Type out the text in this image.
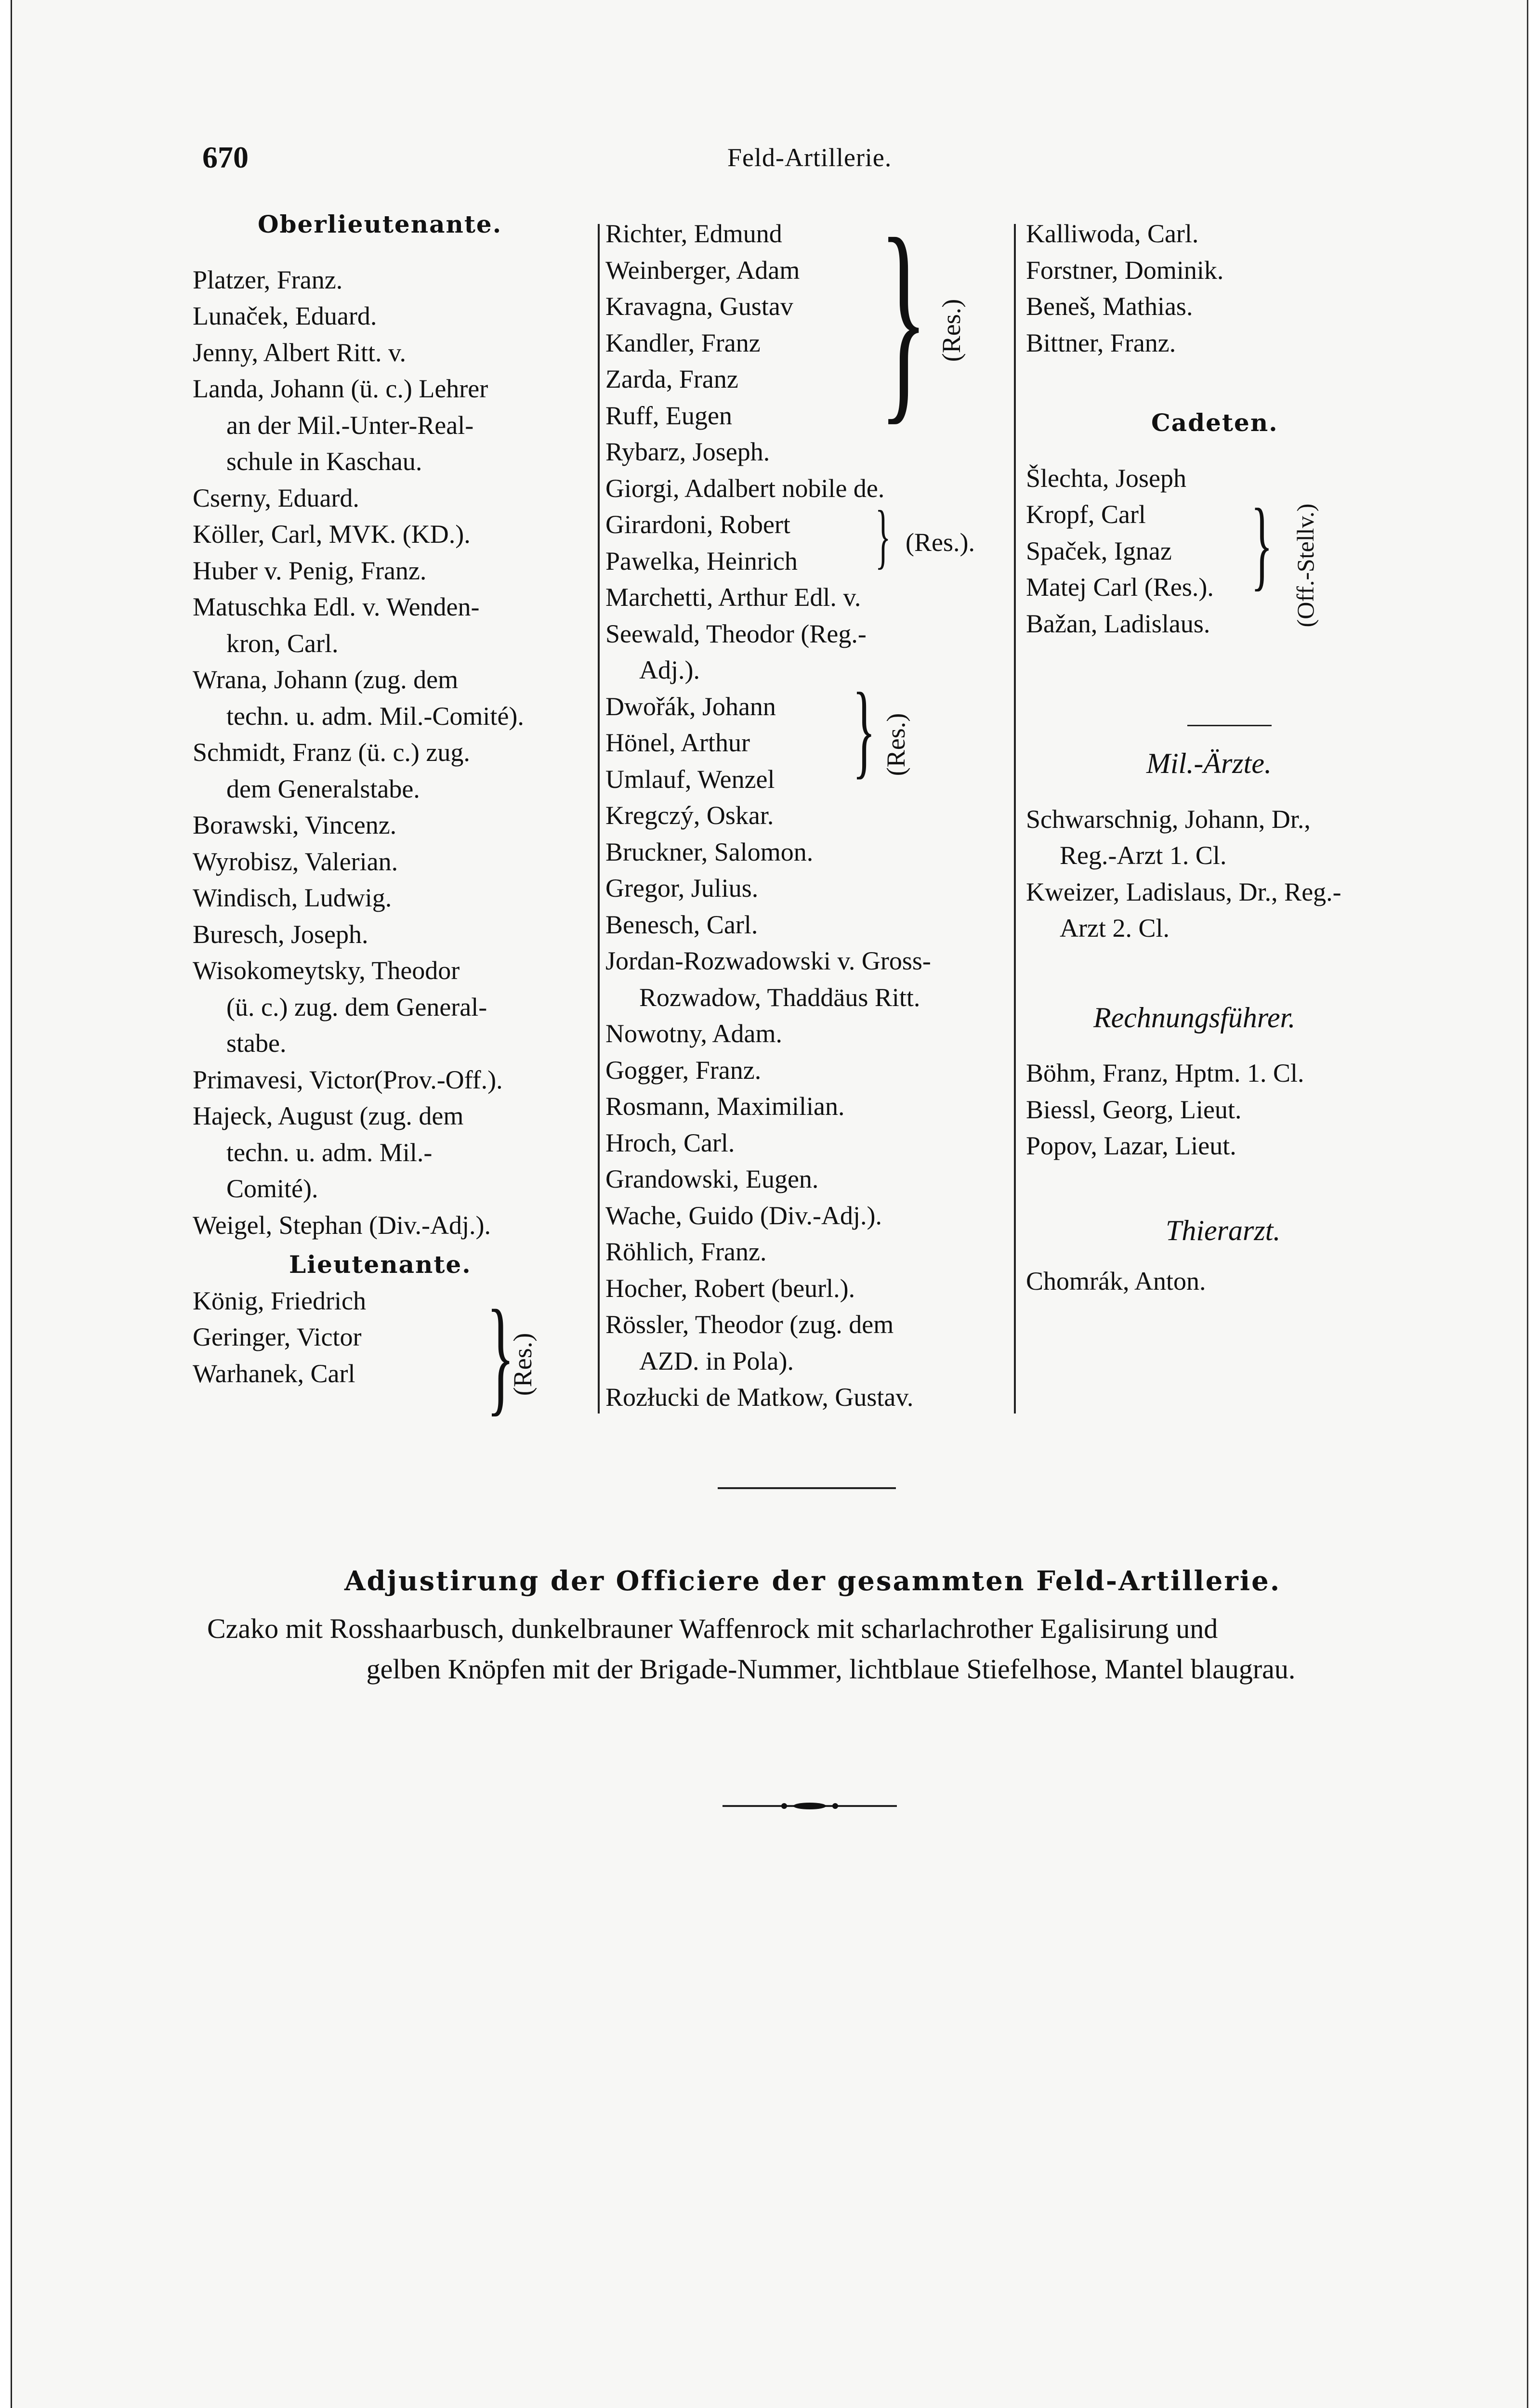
670	Feld-Artillerie.
Oberlieutenante.
Platzer, Franz.
Lunaček, Eduard.
Jenny, Albert Ritt. v.
Landa, Johann (ü. c.) Lehrer
an der Mil.-Unter-Real-
schule in Kaschau.
Cserny, Eduard.
Köller, Carl, MVK. (KD.).
Huber v. Penig, Franz.
Matuschka Edl. v. Wenden-
kron, Carl.
Wrana, Johann (zug. dem
techn. u. adm. Mil.-Comité).
Schmidt, Franz (ü. c.) zug.
dem Generalstabe.
Borawski, Vincenz.
Wyrobisz, Valerian.
Windisch, Ludwig.
Buresch, Joseph.
Wisokomeytsky, Theodor
(ü. c.) zug. dem General-
stabe.
Primavesi, Victor(Prov.-Off.).
Hajeck, August (zug. dem
techn. u. adm. Mil.-
Comité).
Weigel, Stephan (Div.-Adj.).
Lieutenante.
König, Friedrich
Geringer, Victor
Warhanek, Carl	}
(Res.)
Richter, Edmund
Weinberger, Adam
Kravagna, Gustav
Kandler, Franz
Zarda, Franz
Ruff, Eugen
Rybarz, Joseph.
Giorgi, Adalbert nobile de.
Girardoni, Robert
Pawelka, Heinrich
Marchetti, Arthur Edl. v.
Seewald, Theodor (Reg.-
Adj.).
Dwořák, Johann
Hönel, Arthur
Umlauf, Wenzel
Kregczý, Oskar.
Bruckner, Salomon.
Gregor, Julius.
Benesch, Carl.
Jordan-Rozwadowski v. Gross-
Rozwadow, Thaddäus Ritt.
Nowotny, Adam.
Gogger, Franz.
Rosmann, Maximilian.
Hroch, Carl.
Grandowski, Eugen.
Wache, Guido (Div.-Adj.).
Röhlich, Franz.
Hocher, Robert (beurl.).
Rössler, Theodor (zug. dem
AZD. in Pola).
Rozłucki de Matkow, Gustav.
} (Res.)
} (Res.).
} (Res.)
Kalliwoda, Carl.
Forstner, Dominik.
Beneš, Mathias.
Bittner, Franz.
Cadeten.
Šlechta, Joseph
Kropf, Carl
Spaček, Ignaz
Matej Carl (Res.).
Bažan, Ladislaus.
Mil.-Ärzte.
Schwarschnig, Johann, Dr.,
Reg.-Arzt 1. Cl.
Kweizer, Ladislaus, Dr., Reg.-
Arzt 2. Cl.
Rechnungsführer.
Böhm, Franz, Hptm. 1. Cl.
Biessl, Georg, Lieut.
Popov, Lazar, Lieut.
Thierarzt.
Chomrák, Anton.
} (Off.-Stellv.)
Adjustirung der Officiere der gesammten Feld-Artillerie.
Czako mit Rosshaarbusch, dunkelbrauner Waffenrock mit scharlachrother Egalisirung und
gelben Knöpfen mit der Brigade-Nummer, lichtblaue Stiefelhose, Mantel blaugrau.
